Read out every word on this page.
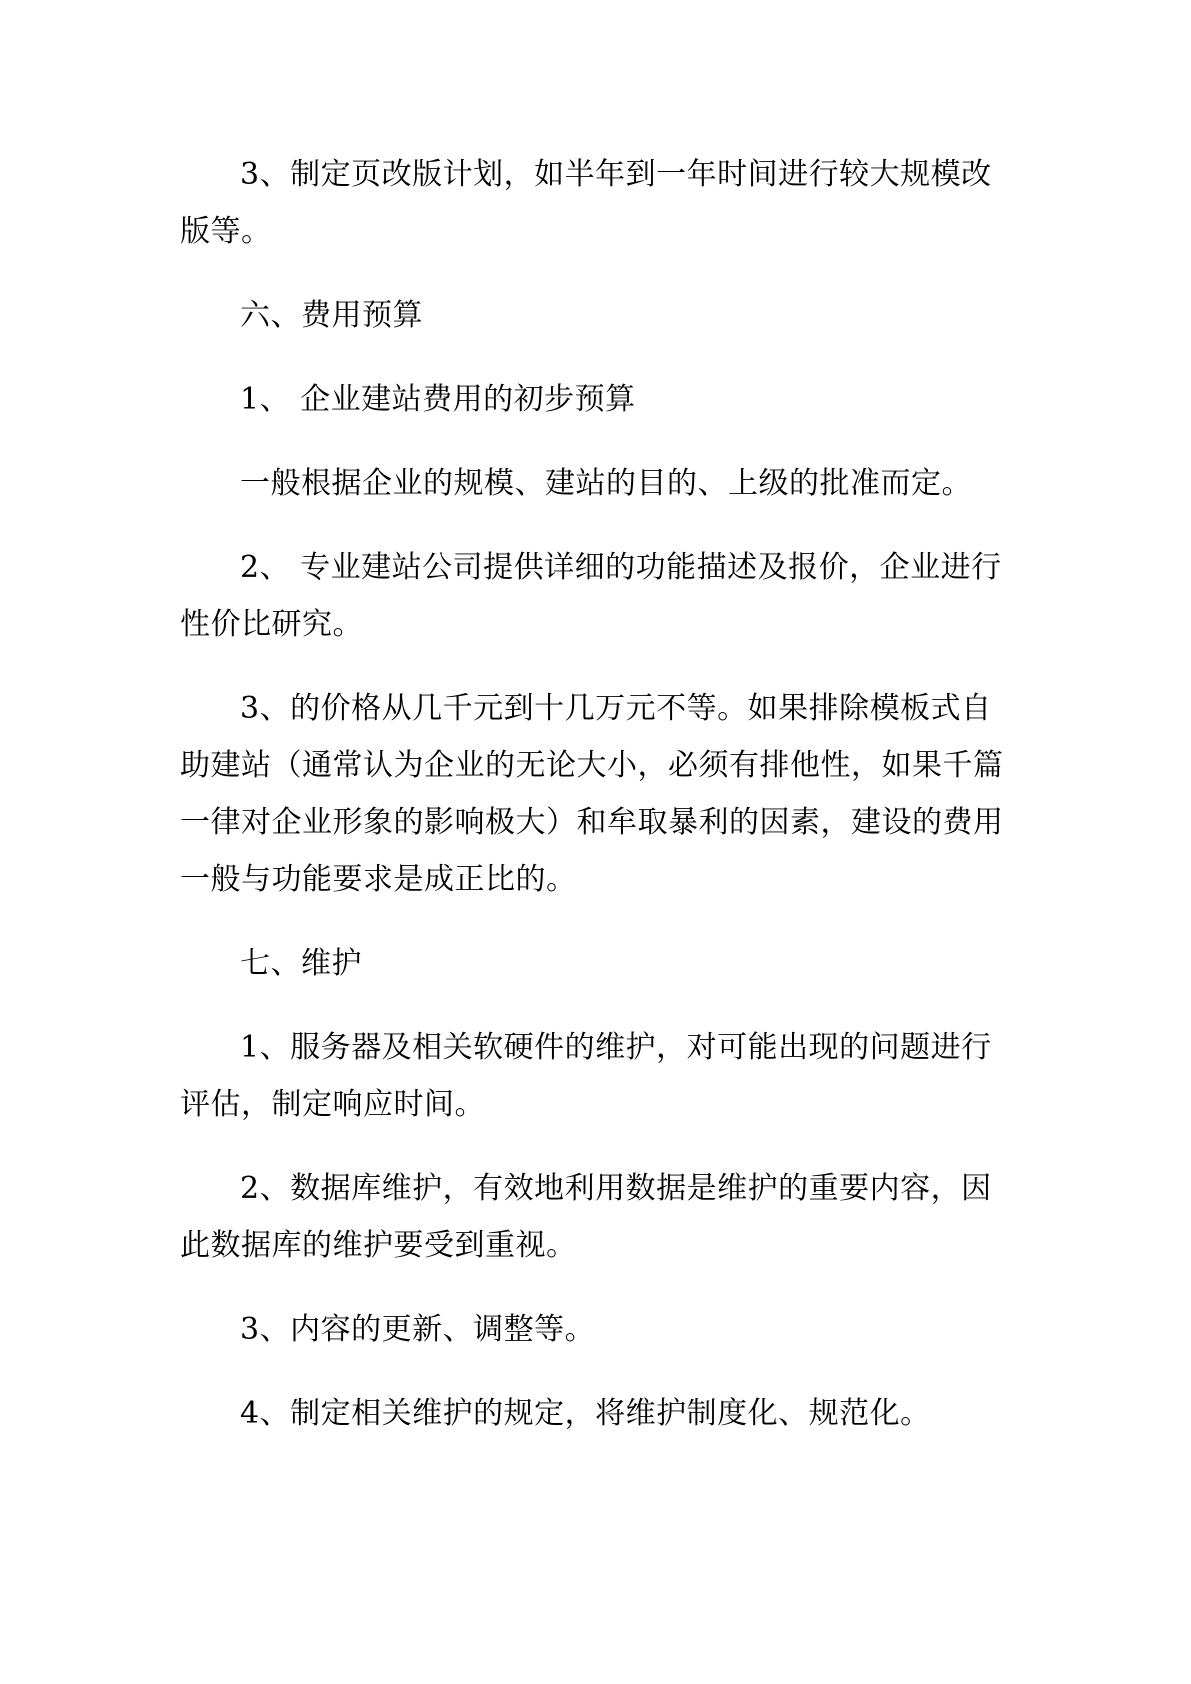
3、制定页改版计划，如半年到一年时间进行较大规模改版等。

六、费用预算

1、 企业建站费用的初步预算

一般根据企业的规模、建站的目的、上级的批准而定。

2、 专业建站公司提供详细的功能描述及报价，企业进行性价比研究。

3、的价格从几千元到十几万元不等。如果排除模板式自助建站（通常认为企业的无论大小，必须有排他性，如果千篇一律对企业形象的影响极大）和牟取暴利的因素，建设的费用一般与功能要求是成正比的。

七、维护

1、服务器及相关软硬件的维护，对可能出现的问题进行评估，制定响应时间。

2、数据库维护，有效地利用数据是维护的重要内容，因此数据库的维护要受到重视。

3、内容的更新、调整等。

4、制定相关维护的规定，将维护制度化、规范化。
